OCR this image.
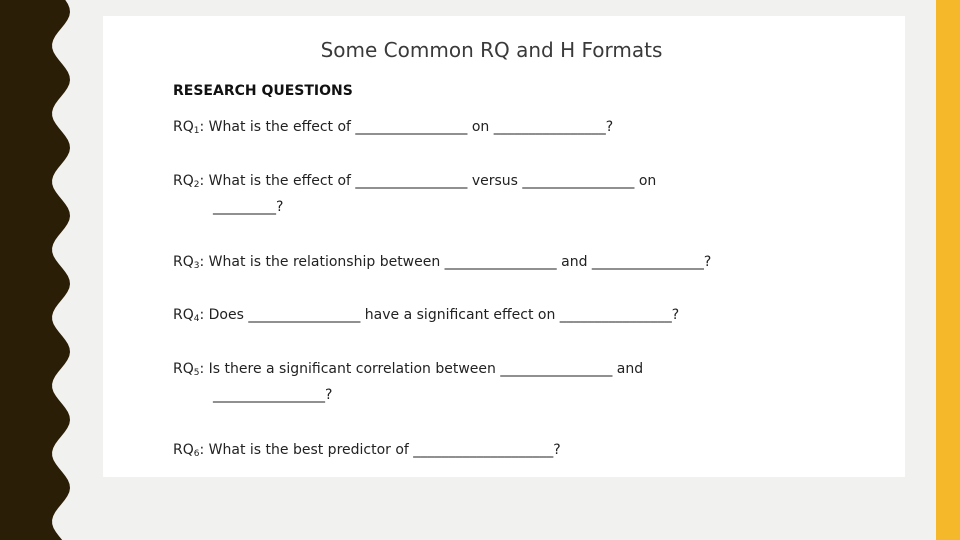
Some Common RQ and H Formats
RESEARCH QUESTIONS
$RQ_1$: What is the effect of ________________ on ________________?
$RQ_2$: What is the effect of ________________ versus ________________ on
_________?
$RQ_3$: What is the relationship between ________________ and ________________?
$RQ_4$: Does ________________ have a significant effect on ________________?
$RQ_5$: Is there a significant correlation between ________________ and
________________?
$RQ_6$: What is the best predictor of ____________________?
